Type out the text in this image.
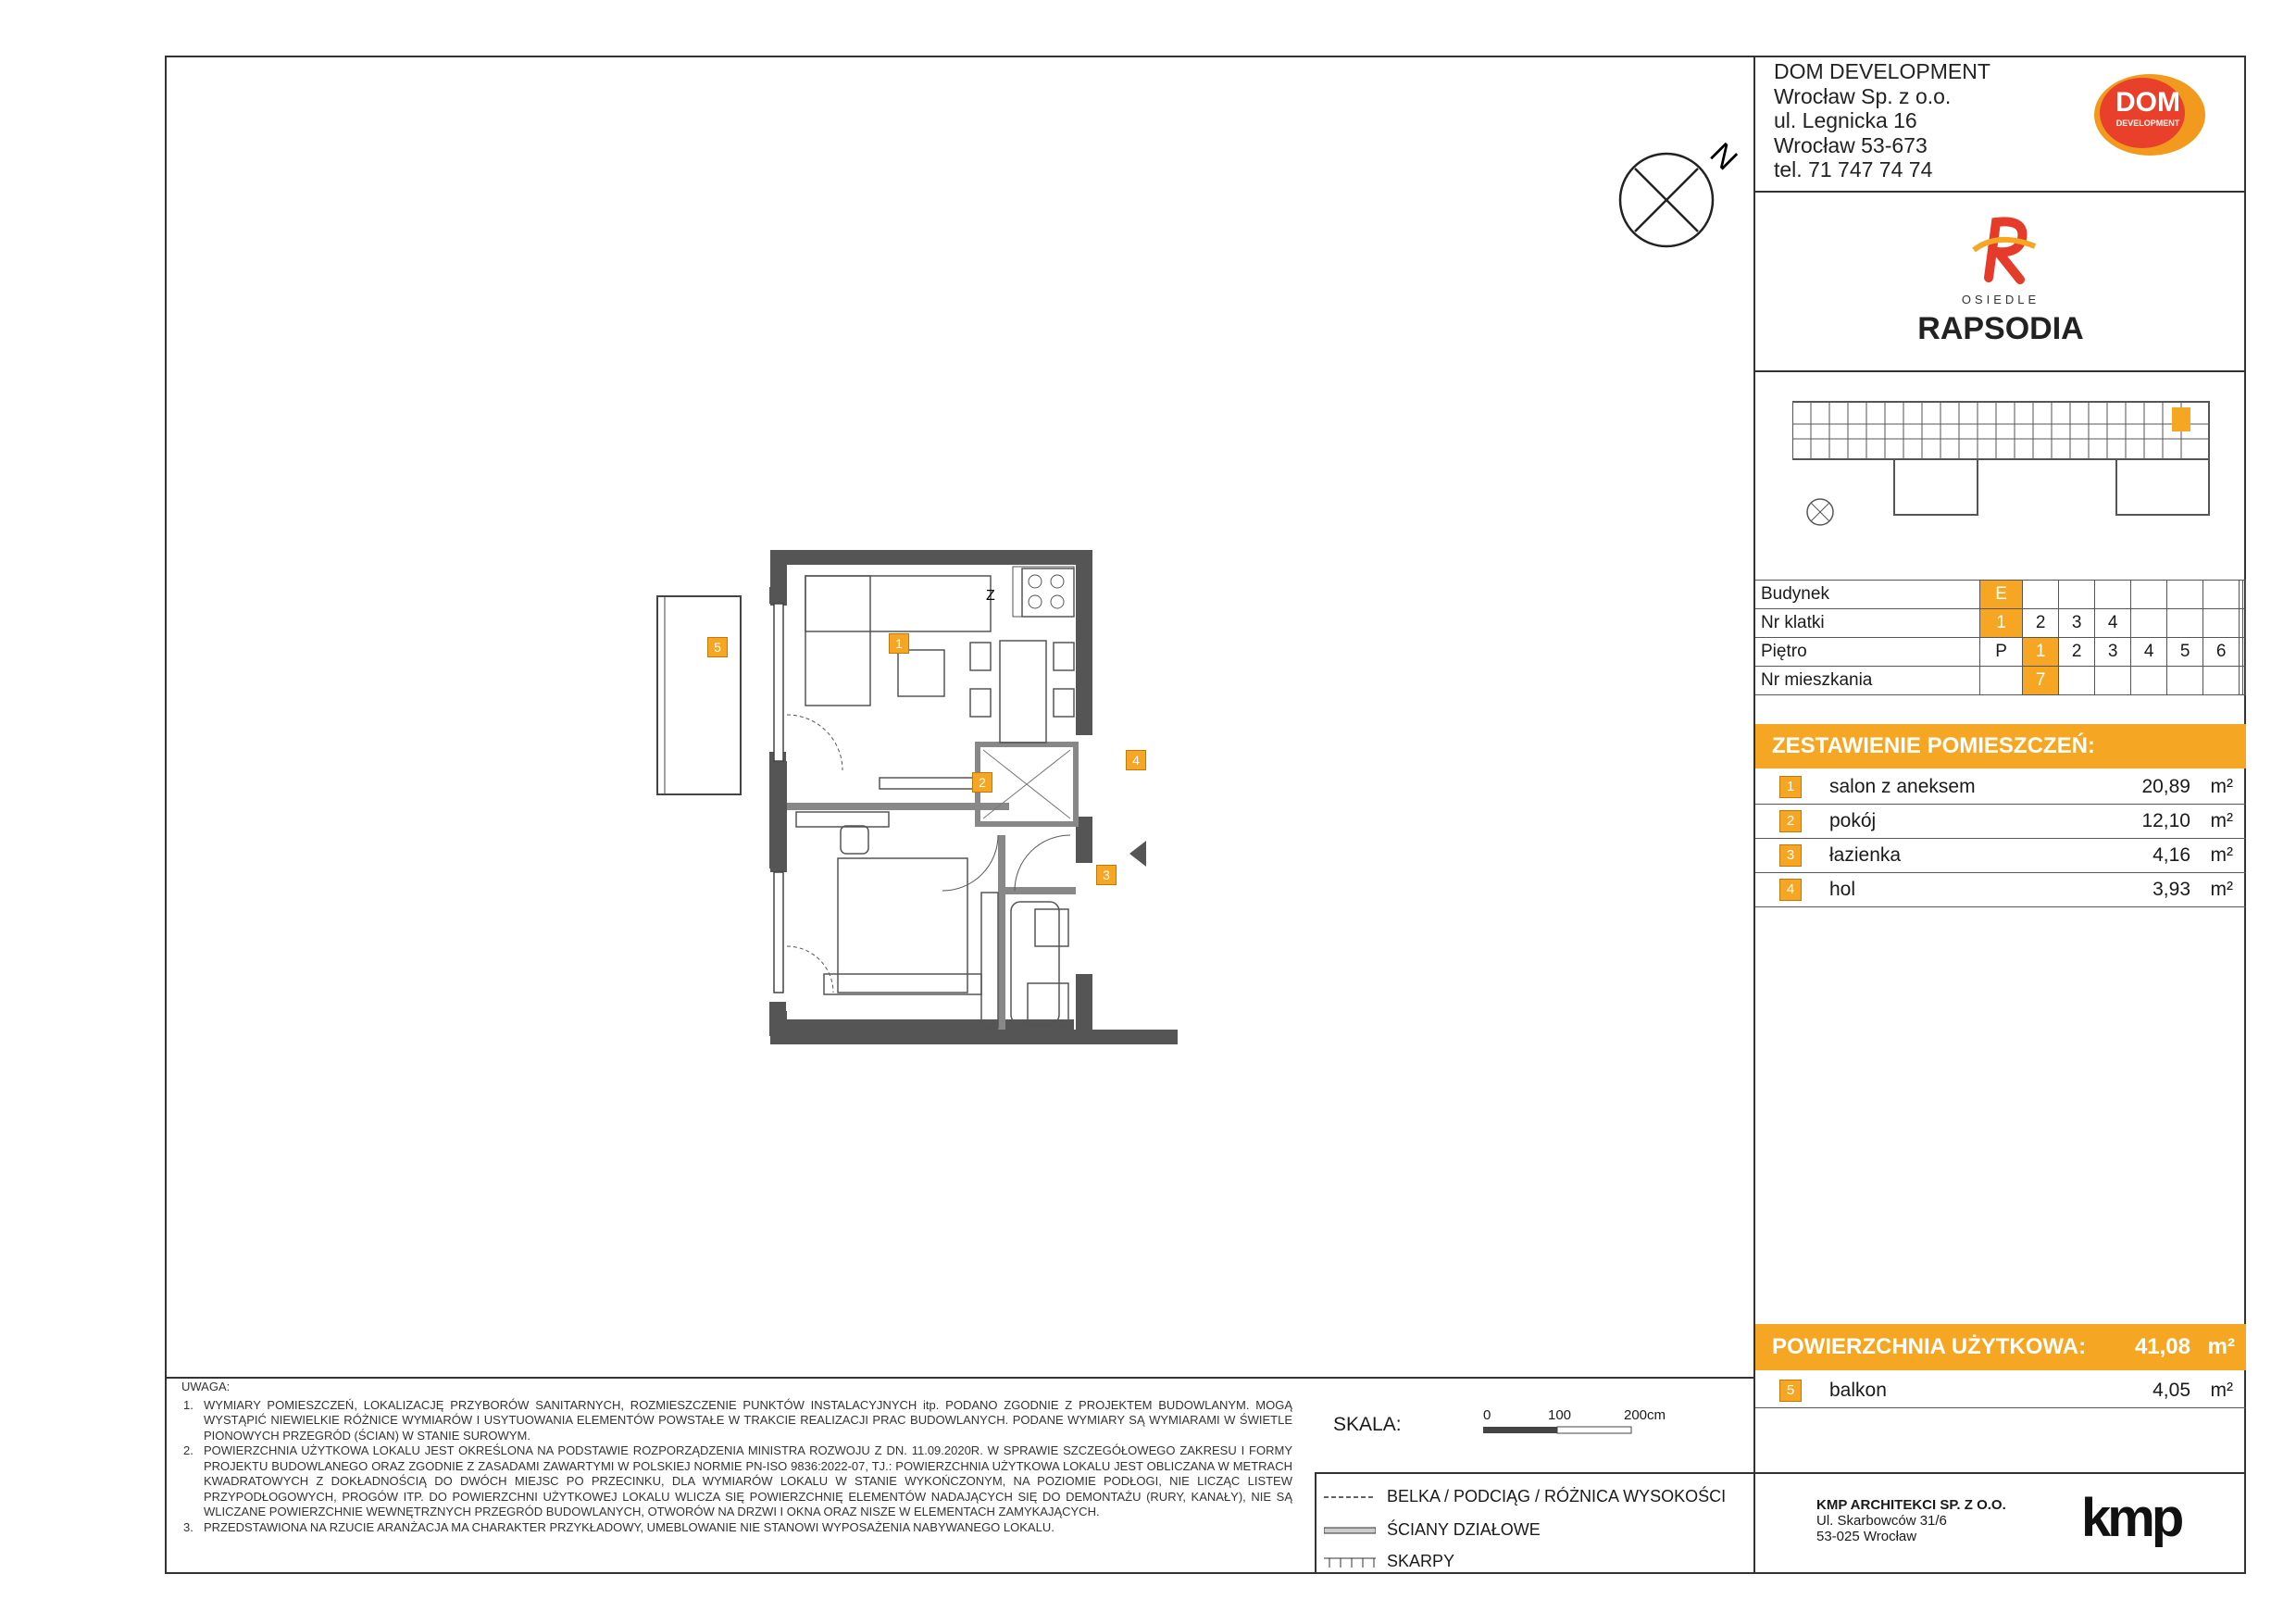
N
Z
1
2
3
4
5
DOM DEVELOPMENT
Wrocław Sp. z o.o.
ul. Legnicka 16
Wrocław 53-673
tel. 71 747 74 74
DOM
DEVELOPMENT
OSIEDLE
RAPSODIA
Budynek	E								
Nr klatki	1	2	3	4					
Piętro	P	1	2	3	4	5	6		
Nr mieszkania		7							
ZESTAWIENIE POMIESZCZEŃ:
1	salon z aneksem	20,89 m²
2	pokój	12,10 m²
3	łazienka	4,16 m²
4	hol	3,93 m²
POWIERZCHNIA UŻYTKOWA: 41,08 m²
5	balkon	4,05 m²
KMP ARCHITEKCI SP. Z O.O.
Ul. Skarbowców 31/6
53-025 Wrocław	kmp
UWAGA:
1. WYMIARY POMIESZCZEŃ, LOKALIZACJĘ PRZYBORÓW SANITARNYCH, ROZMIESZCZENIE PUNKTÓW INSTALACYJNYCH itp. PODANO ZGODNIE Z PROJEKTEM BUDOWLANYM. MOGĄ WYSTĄPIĆ NIEWIELKIE RÓŻNICE WYMIARÓW I USYTUOWANIA ELEMENTÓW POWSTAŁE W TRAKCIE REALIZACJI PRAC BUDOWLANYCH. PODANE WYMIARY SĄ WYMIARAMI W ŚWIETLE PIONOWYCH PRZEGRÓD (ŚCIAN) W STANIE SUROWYM.
2. POWIERZCHNIA UŻYTKOWA LOKALU JEST OKREŚLONA NA PODSTAWIE ROZPORZĄDZENIA MINISTRA ROZWOJU Z DN. 11.09.2020R. W SPRAWIE SZCZEGÓŁOWEGO ZAKRESU I FORMY PROJEKTU BUDOWLANEGO ORAZ ZGODNIE Z ZASADAMI ZAWARTYMI W POLSKIEJ NORMIE PN-ISO 9836:2022-07, TJ.: POWIERZCHNIA UŻYTKOWA LOKALU JEST OBLICZANA W METRACH KWADRATOWYCH Z DOKŁADNOŚCIĄ DO DWÓCH MIEJSC PO PRZECINKU, DLA WYMIARÓW LOKALU W STANIE WYKOŃCZONYM, NA POZIOMIE PODŁOGI, NIE LICZĄC LISTEW PRZYPODŁOGOWYCH, PROGÓW ITP. DO POWIERZCHNI UŻYTKOWEJ LOKALU WLICZA SIĘ POWIERZCHNIĘ ELEMENTÓW NADAJĄCYCH SIĘ DO DEMONTAŻU (RURY, KANAŁY), NIE SĄ WLICZANE POWIERZCHNIE WEWNĘTRZNYCH PRZEGRÓD BUDOWLANYCH, OTWORÓW NA DRZWI I OKNA ORAZ NISZE W ELEMENTACH ZAMYKAJĄCYCH.
3. PRZEDSTAWIONA NA RZUCIE ARANŻACJA MA CHARAKTER PRZYKŁADOWY, UMEBLOWANIE NIE STANOWI WYPOSAŻENIA NABYWANEGO LOKALU.
SKALA:	0	100	200cm
BELKA / PODCIĄG / RÓŻNICA WYSOKOŚCI
ŚCIANY DZIAŁOWE
SKARPY
